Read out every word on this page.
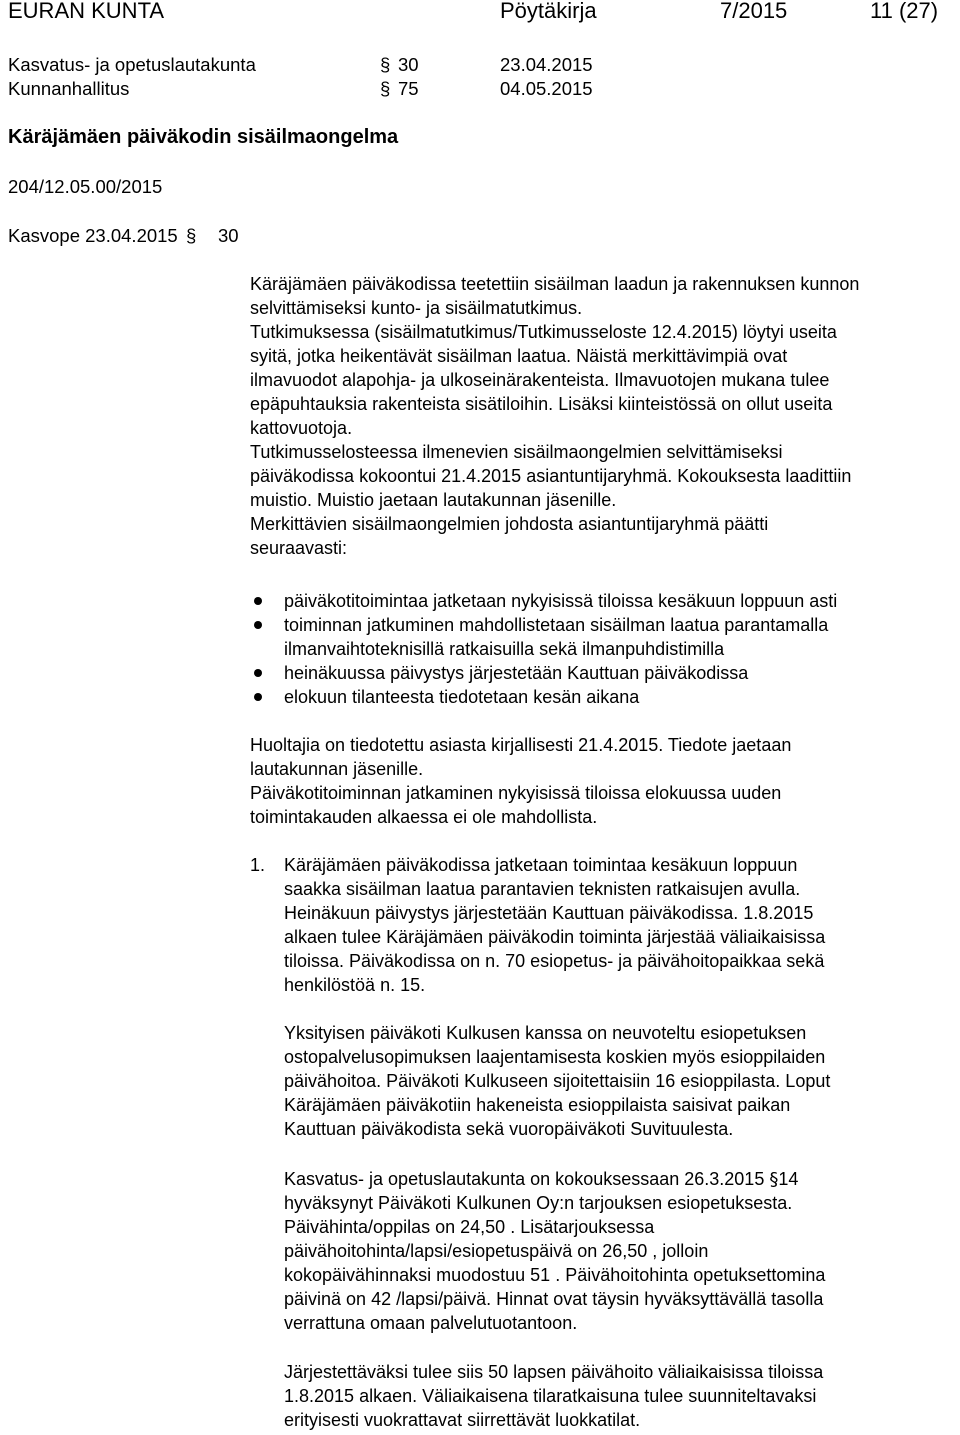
EURAN KUNTA	Pöytäkirja	7/2015	11 (27)
Kasvatus- ja opetuslautakunta	§ 30	23.04.2015
Kunnanhallitus	§ 75	04.05.2015
Käräjämäen päiväkodin sisäilmaongelma
204/12.05.00/2015
Kasvope 23.04.2015 § 30
Käräjämäen päiväkodissa teetettiin sisäilman laadun ja rakennuksen kunnon
selvittämiseksi kunto- ja sisäilmatutkimus.
Tutkimuksessa (sisäilmatutkimus/Tutkimusseloste 12.4.2015) löytyi useita
syitä, jotka heikentävät sisäilman laatua. Näistä merkittävimpiä ovat
ilmavuodot alapohja- ja ulkoseinärakenteista. Ilmavuotojen mukana tulee
epäpuhtauksia rakenteista sisätiloihin. Lisäksi kiinteistössä on ollut useita
kattovuotoja.
Tutkimusselosteessa ilmenevien sisäilmaongelmien selvittämiseksi
päiväkodissa kokoontui 21.4.2015 asiantuntijaryhmä. Kokouksesta laadittiin
muistio. Muistio jaetaan lautakunnan jäsenille.
Merkittävien sisäilmaongelmien johdosta asiantuntijaryhmä päätti
seuraavasti:
päiväkotitoimintaa jatketaan nykyisissä tiloissa kesäkuun loppuun asti
toiminnan jatkuminen mahdollistetaan sisäilman laatua parantamalla
ilmanvaihtoteknisillä ratkaisuilla sekä ilmanpuhdistimilla
heinäkuussa päivystys järjestetään Kauttuan päiväkodissa
elokuun tilanteesta tiedotetaan kesän aikana
Huoltajia on tiedotettu asiasta kirjallisesti 21.4.2015. Tiedote jaetaan
lautakunnan jäsenille.
Päiväkotitoiminnan jatkaminen nykyisissä tiloissa elokuussa uuden
toimintakauden alkaessa ei ole mahdollista.
1. Käräjämäen päiväkodissa jatketaan toimintaa kesäkuun loppuun
saakka sisäilman laatua parantavien teknisten ratkaisujen avulla.
Heinäkuun päivystys järjestetään Kauttuan päiväkodissa. 1.8.2015
alkaen tulee Käräjämäen päiväkodin toiminta järjestää väliaikaisissa
tiloissa. Päiväkodissa on n. 70 esiopetus- ja päivähoitopaikkaa sekä
henkilöstöä n. 15.
Yksityisen päiväkoti Kulkusen kanssa on neuvoteltu esiopetuksen
ostopalvelusopimuksen laajentamisesta koskien myös esioppilaiden
päivähoitoa. Päiväkoti Kulkuseen sijoitettaisiin 16 esioppilasta. Loput
Käräjämäen päiväkotiin hakeneista esioppilaista saisivat paikan
Kauttuan päiväkodista sekä vuoropäiväkoti Suvituulesta.
Kasvatus- ja opetuslautakunta on kokouksessaan 26.3.2015 §14
hyväksynyt Päiväkoti Kulkunen Oy:n tarjouksen esiopetuksesta.
Päivähinta/oppilas on 24,50 . Lisätarjouksessa
päivähoitohinta/lapsi/esiopetuspäivä on 26,50 , jolloin
kokopäivähinnaksi muodostuu 51 . Päivähoitohinta opetuksettomina
päivinä on 42 /lapsi/päivä. Hinnat ovat täysin hyväksyttävällä tasolla
verrattuna omaan palvelutuotantoon.
Järjestettäväksi tulee siis 50 lapsen päivähoito väliaikaisissa tiloissa
1.8.2015 alkaen. Väliaikaisena tilaratkaisuna tulee suunniteltavaksi
erityisesti vuokrattavat siirrettävät luokkatilat.
